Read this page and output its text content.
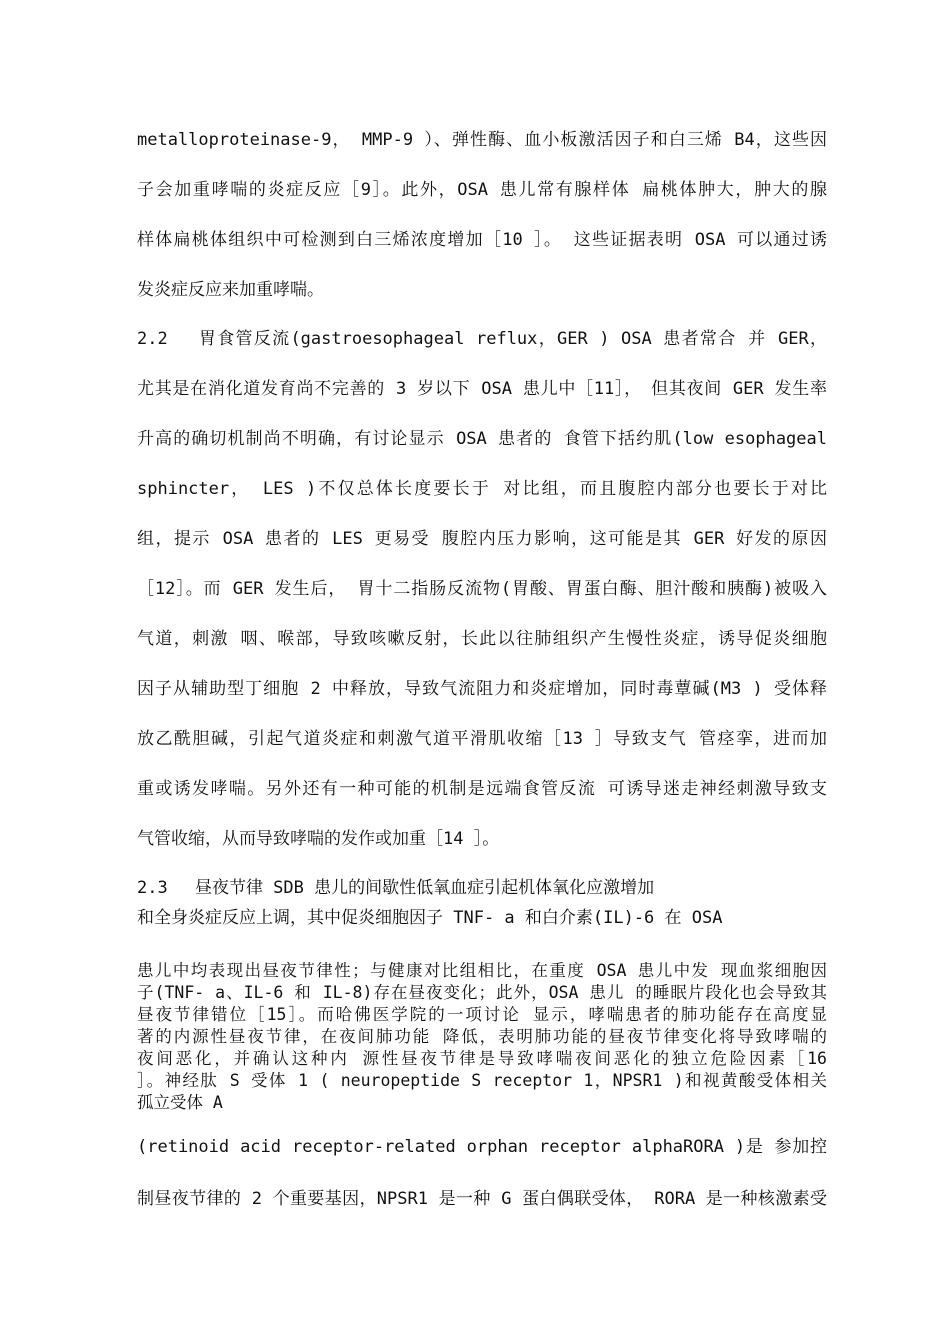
metalloproteinase-9， MMP-9 ）、弹性酶、血小板激活因子和白三烯 B4，这些因
子会加重哮喘的炎症反应［9］。此外，OSA 患儿常有腺样体 扁桃体肿大，肿大的腺
样体扁桃体组织中可检测到白三烯浓度增加［10 ］。 这些证据表明 OSA 可以通过诱
发炎症反应来加重哮喘。
2.2　 胃食管反流(gastroesophageal reflux，GER ) OSA 患者常合 并 GER，
尤其是在消化道发育尚不完善的 3 岁以下 OSA 患儿中［11］，　但其夜间 GER 发生率
升高的确切机制尚不明确，有讨论显示 OSA 患者的 食管下括约肌(low esophageal
sphincter， LES )不仅总体长度要长于 对比组，而且腹腔内部分也要长于对比
组，提示 OSA 患者的 LES 更易受 腹腔内压力影响，这可能是其 GER 好发的原因
［12］。而 GER 发生后， 胃十二指肠反流物(胃酸、胃蛋白酶、胆汁酸和胰酶)被吸入
气道，刺激 咽、喉部，导致咳嗽反射，长此以往肺组织产生慢性炎症，诱导促炎细胞
因子从辅助型丁细胞 2 中释放，导致气流阻力和炎症增加，同时毒蕈碱(M3 ) 受体释
放乙酰胆碱，引起气道炎症和刺激气道平滑肌收缩［13 ］导致支气 管痉挛，进而加
重或诱发哮喘。另外还有一种可能的机制是远端食管反流 可诱导迷走神经刺激导致支
气管收缩，从而导致哮喘的发作或加重［14 ］。
2.3　 昼夜节律 SDB 患儿的间歇性低氧血症引起机体氧化应激增加
和全身炎症反应上调，其中促炎细胞因子 TNF- a 和白介素(IL)-6 在 OSA
患儿中均表现出昼夜节律性；与健康对比组相比，在重度 OSA 患儿中发 现血浆细胞因
子(TNF- a、IL-6 和 IL-8)存在昼夜变化；此外，OSA 患儿 的睡眠片段化也会导致其
昼夜节律错位［15］。而哈佛医学院的一项讨论 显示，哮喘患者的肺功能存在高度显
著的内源性昼夜节律，在夜间肺功能 降低，表明肺功能的昼夜节律变化将导致哮喘的
夜间恶化，并确认这种内 源性昼夜节律是导致哮喘夜间恶化的独立危险因素［16
］。神经肽 S 受体 1 ( neuropeptide S receptor 1，NPSR1 )和视黄酸受体相关
孤立受体 A
(retinoid acid receptor-related orphan receptor alphaRORA )是 参加控
制昼夜节律的 2 个重要基因，NPSR1 是一种 G 蛋白偶联受体， RORA 是一种核激素受
